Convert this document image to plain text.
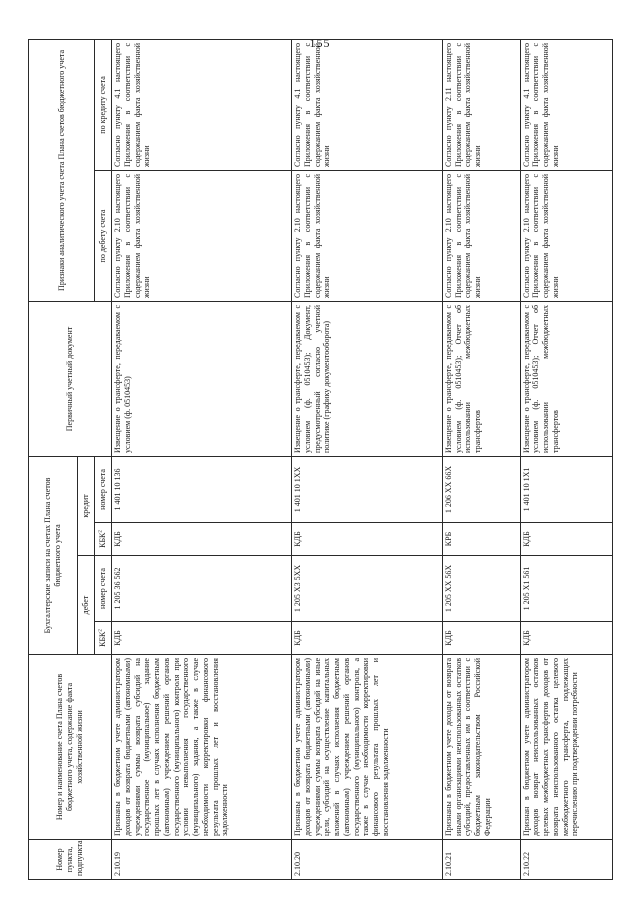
155
Номер пункта, подпункта	Номер и наименование счета Плана счетов бюджетного учета, содержание факта хозяйственной жизни	Бухгалтерские записи на счетах Плана счетов бюджетного учета				Первичный учетный документ	Признаки аналитического учета счета Плана счетов бюджетного учета	
		дебет		кредит				
		КБК$^2$	номер счета	КБК$^2$	номер счета		по дебету счета	по кредиту счета
2.10.19	Признаны в бюджетном учете администратором доходов от возврата бюджетными (автономными) учреждениями суммы возврата субсидий на государственное (муниципальное) задание прошлых лет в случаях исполнения бюджетным (автономным) учреждением решений органов государственного (муниципального) контроля при условии невыполнения государственного (муниципального) задания, а также в случае необходимости корректировки финансового результата прошлых лет и восстановления задолженности	КДБ	1 205 36 562	КДБ	1 401 10 136	Извещение о трансферте, передаваемом с условием (ф. 0510453)	Согласно пункту 2.10 настоящего Приложения в соответствии с содержанием факта хозяйственной жизни	Согласно пункту 4.1 настоящего Приложения в соответствии с содержанием факта хозяйственной жизни
2.10.20	Признаны в бюджетном учете администратором доходов от возврата бюджетными (автономными) учреждениями суммы возврата субсидий на иные цели, субсидий на осуществление капитальных вложений в случаях исполнения бюджетным (автономным) учреждением решений органов государственного (муниципального) контроля, а также в случае необходимости корректировки финансового результата прошлых лет и восстановления задолженности	КДБ	1 205 X3 5XX	КДБ	1 401 10 1XX	Извещение о трансферте, передаваемом с условием (ф. 0510453); Документ, предусмотренный согласно учетной политике (графику документооборота)	Согласно пункту 2.10 настоящего Приложения в соответствии с содержанием факта хозяйственной жизни	Согласно пункту 4.1 настоящего Приложения в соответствии с содержанием факта хозяйственной жизни
2.10.21	Признаны в бюджетном учете доходы от возврата иными организациями неиспользованных остатков субсидий, предоставленных им в соответствии с бюджетным законодательством Российской Федерации	КДБ	1 205 XX 56X	КРБ	1 206 XX 66X	Извещение о трансферте, передаваемом с условием (ф. 0510453); Отчет об использовании межбюджетных трансфертов	Согласно пункту 2.10 настоящего Приложения в соответствии с содержанием факта хозяйственной жизни	Согласно пункту 2.11 настоящего Приложения в соответствии с содержанием факта хозяйственной жизни
2.10.22	Признан в бюджетном учете администратором доходов возврат неиспользованных остатков целевых межбюджетных трансфертов доходов от возврата неиспользованного остатка целевого межбюджетного трансферта, подлежащих перечислению при подтверждении потребности	КДБ	1 205 X1 561	КДБ	1 401 10 1X1	Извещение о трансферте, передаваемом с условием (ф. 0510453); Отчет об использовании межбюджетных трансфертов	Согласно пункту 2.10 настоящего Приложения в соответствии с содержанием факта хозяйственной жизни	Согласно пункту 4.1 настоящего Приложения в соответствии с содержанием факта хозяйственной жизни
